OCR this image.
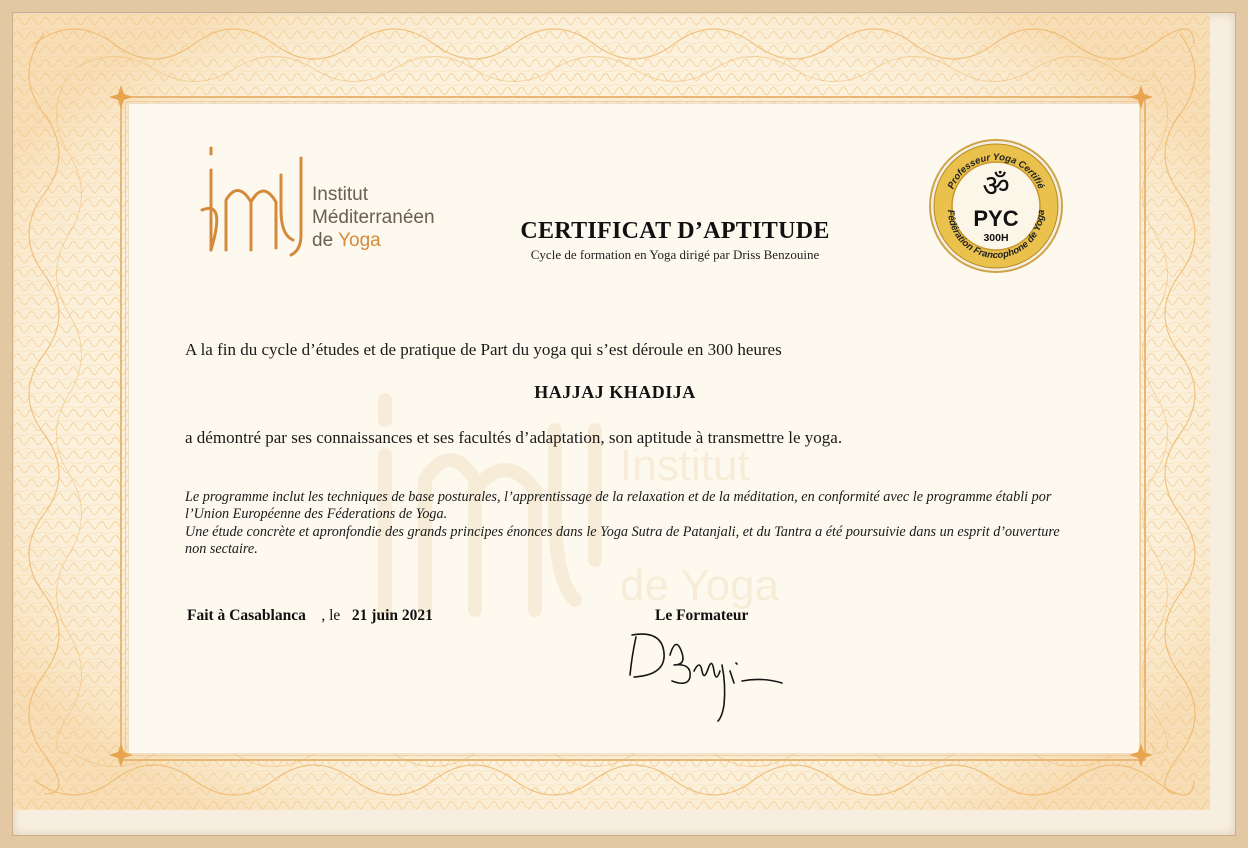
Institut
de Yoga
Institut
Méditerranéen
de Yoga	CERTIFICAT D’APTITUDE
Cycle de formation en Yoga dirigé par Driss Benzouine
Professeur Yoga Certifié
Fédération Francophone de Yoga
ॐ
PYC
300H
A la fin du cycle d’études et de pratique de Part du yoga qui s’est déroule en 300 heures
HAJJAJ KHADIJA
a démontré par ses connaissances et ses facultés d’adaptation, son aptitude à transmettre le yoga.

Le programme inclut les techniques de base posturales, l’apprentissage de la relaxation et de la méditation, en conformité avec le programme établi por l’Union Européenne des Féderations de Yoga.

Une étude concrète et apronfondie des grands principes énonces dans le Yoga Sutra de Patanjali, et du Tantra a été poursuivie dans un esprit d’ouverture non sectaire.

Fait à Casablanca , le 21 juin 2021	Le Formateur
